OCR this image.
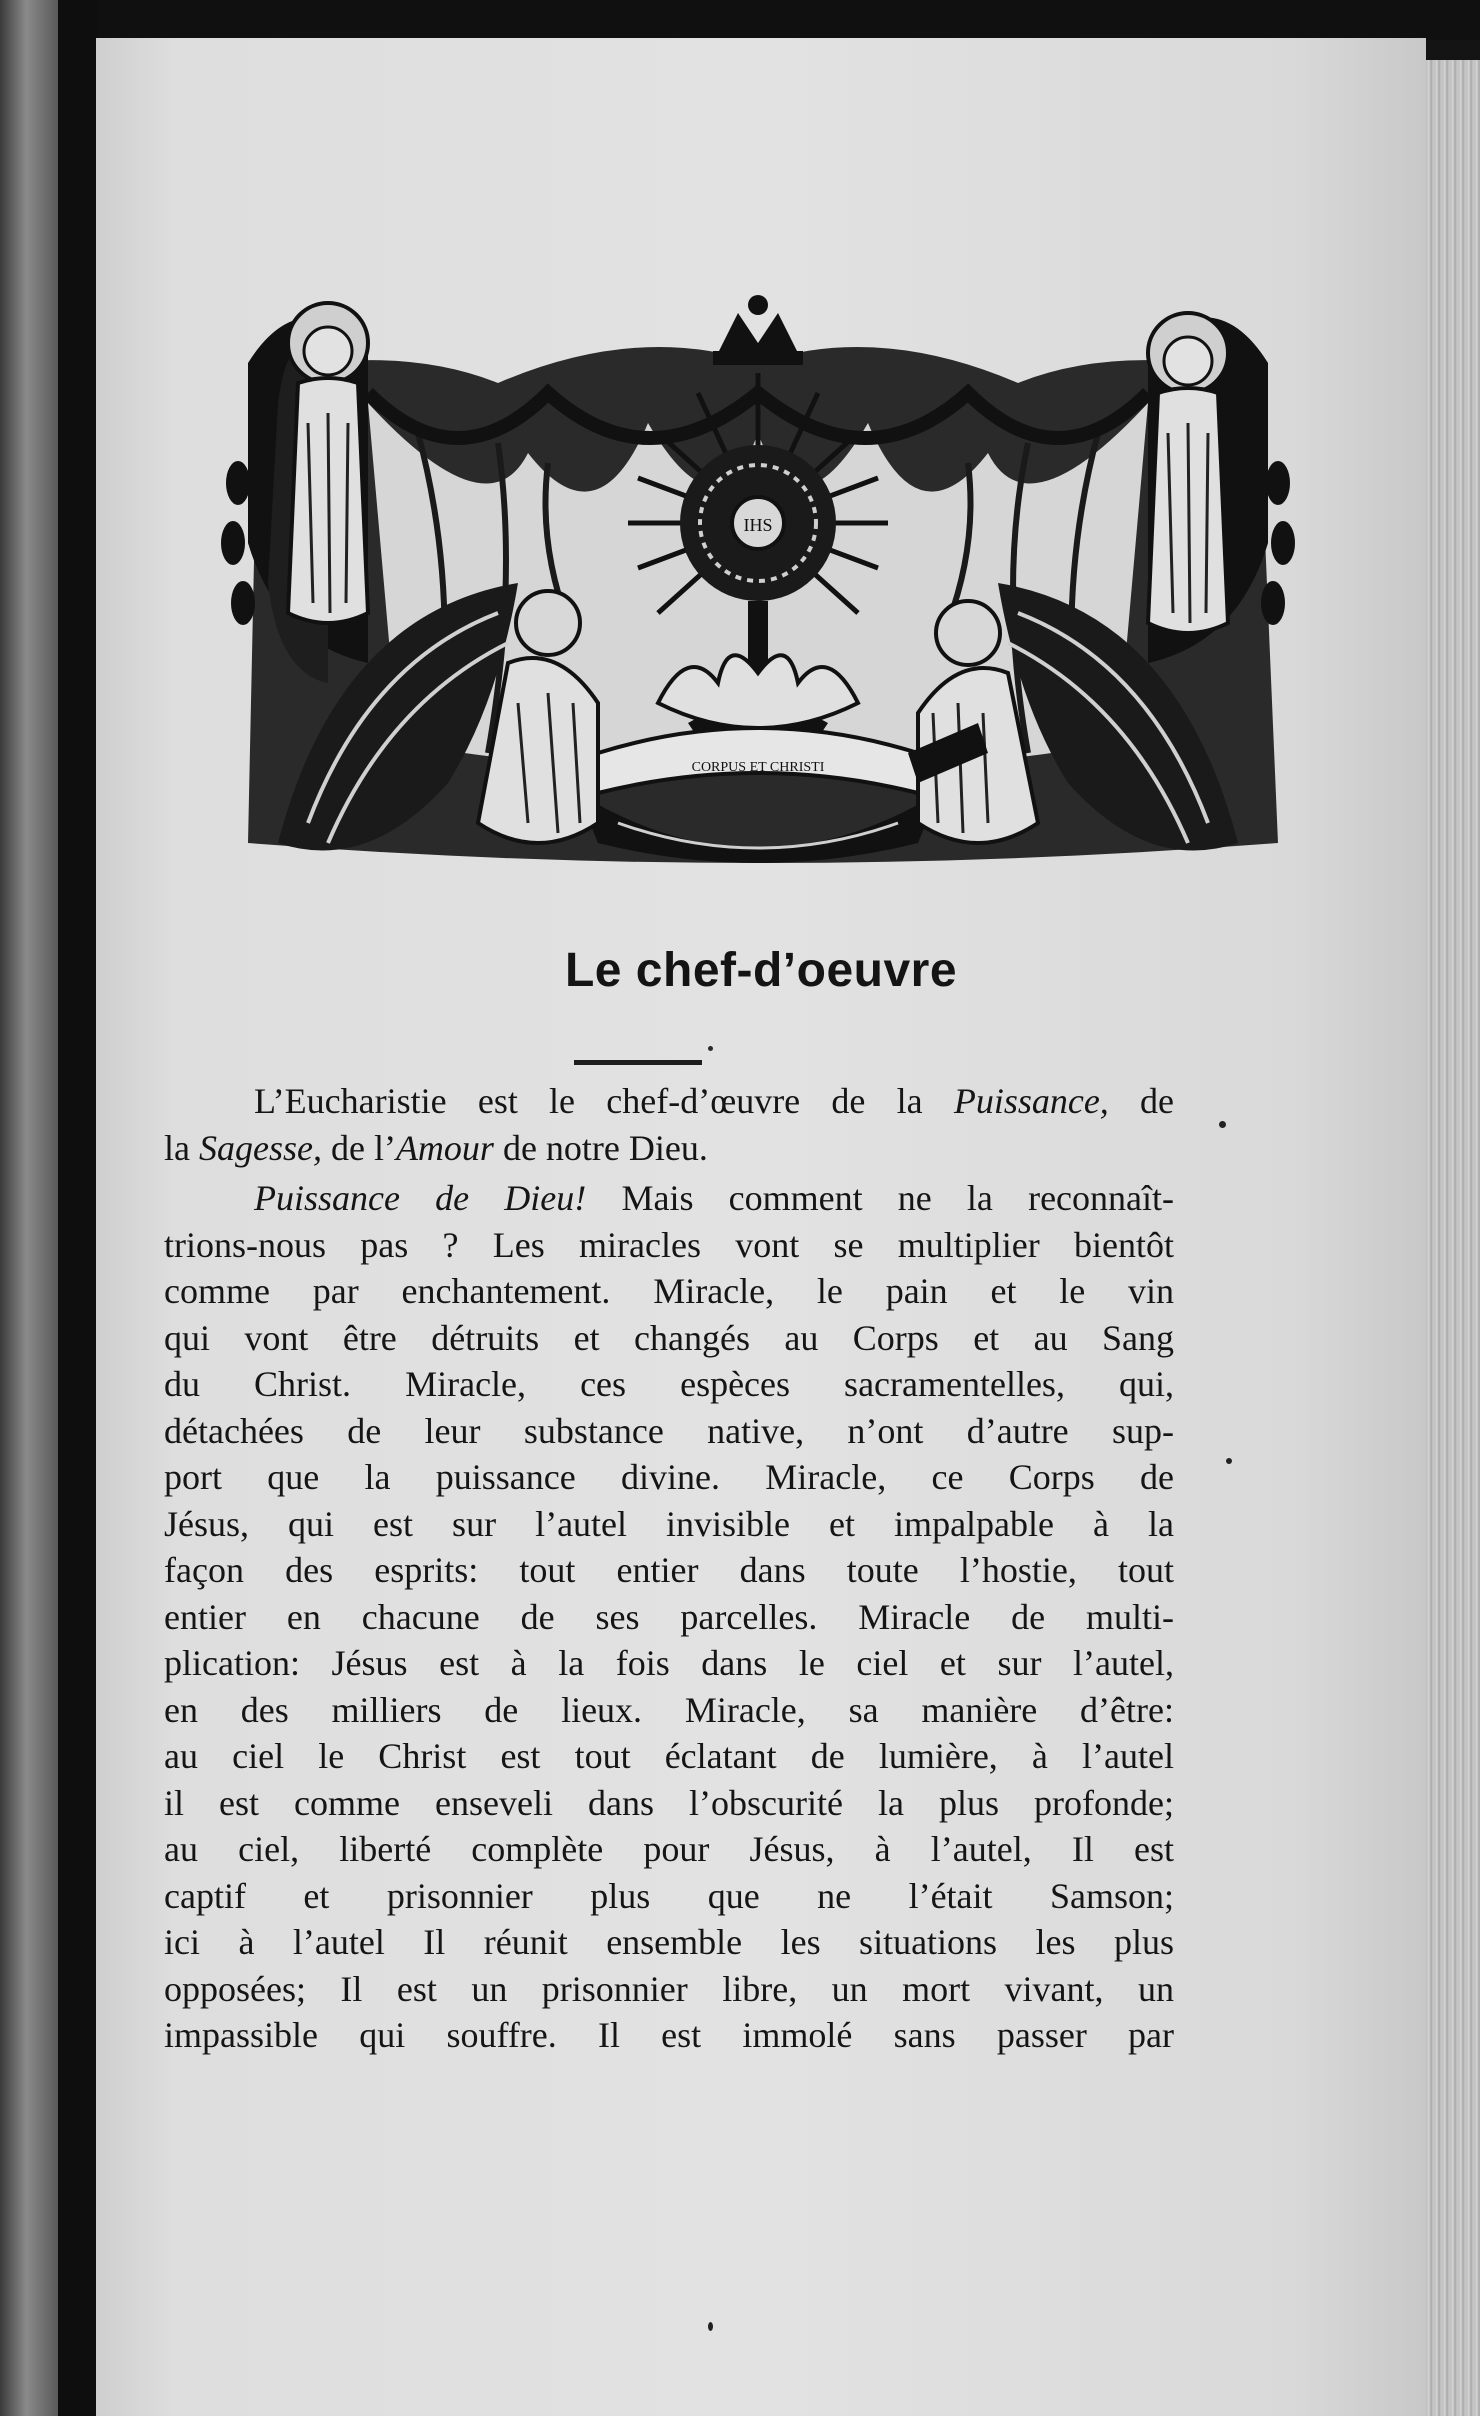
IHS
CORPUS ET CHRISTI
Le chef-d’oeuvre
L’Eucharistie est le chef-d’œuvre de la Puissance, de
la Sagesse, de l’Amour de notre Dieu.
Puissance de Dieu! Mais comment ne la reconnaît-
trions-nous pas ? Les miracles vont se multiplier bientôt
comme par enchantement. Miracle, le pain et le vin
qui vont être détruits et changés au Corps et au Sang
du Christ. Miracle, ces espèces sacramentelles, qui,
détachées de leur substance native, n’ont d’autre sup-
port que la puissance divine. Miracle, ce Corps de
Jésus, qui est sur l’autel invisible et impalpable à la
façon des esprits: tout entier dans toute l’hostie, tout
entier en chacune de ses parcelles. Miracle de multi-
plication: Jésus est à la fois dans le ciel et sur l’autel,
en des milliers de lieux. Miracle, sa manière d’être:
au ciel le Christ est tout éclatant de lumière, à l’autel
il est comme enseveli dans l’obscurité la plus profonde;
au ciel, liberté complète pour Jésus, à l’autel, Il est
captif et prisonnier plus que ne l’était Samson;
ici à l’autel Il réunit ensemble les situations les plus
opposées; Il est un prisonnier libre, un mort vivant, un
impassible qui souffre. Il est immolé sans passer par
